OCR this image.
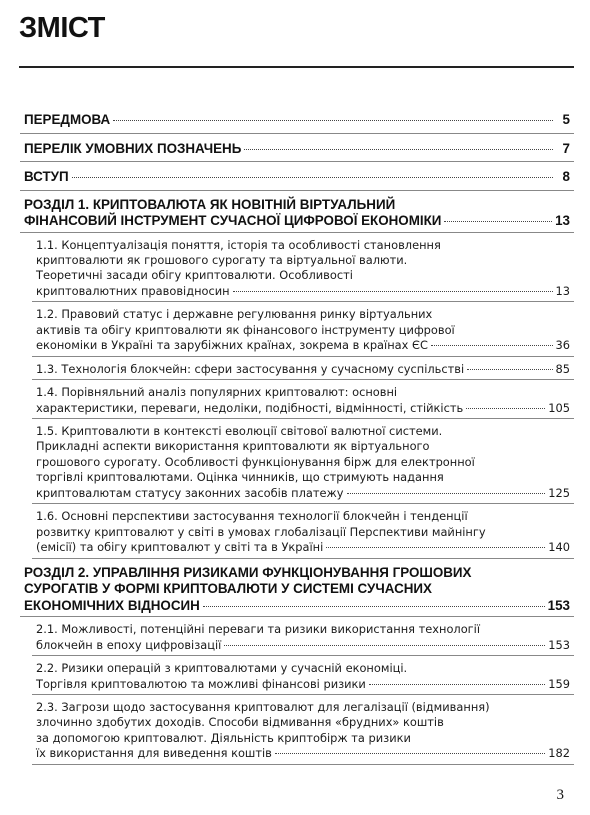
ЗМІСТ
ПЕРЕДМОВА	5
ПЕРЕЛІК УМОВНИХ ПОЗНАЧЕНЬ	7
ВСТУП	8
РОЗДІЛ 1. КРИПТОВАЛЮТА ЯК НОВІТНІЙ ВІРТУАЛЬНИЙ
ФІНАНСОВИЙ ІНСТРУМЕНТ СУЧАСНОЇ ЦИФРОВОЇ ЕКОНОМІКИ	13
1.1. Концептуалізація поняття, історія та особливості становлення
криптовалюти як грошового сурогату та віртуальної валюти.
Теоретичні засади обігу криптовалюти. Особливості
криптовалютних правовідносин	13
1.2. Правовий статус і державне регулювання ринку віртуальних
активів та обігу криптовалюти як фінансового інструменту цифрової
економіки в Україні та зарубіжних країнах, зокрема в країнах ЄС	36
1.3. Технологія блокчейн: сфери застосування у сучасному суспільстві	85
1.4. Порівняльний аналіз популярних криптовалют: основні
характеристики, переваги, недоліки, подібності, відмінності, стійкість	105
1.5. Криптовалюти в контексті еволюції світової валютної системи.
Прикладні аспекти використання криптовалюти як віртуального
грошового сурогату. Особливості функціонування бірж для електронної
торгівлі криптовалютами. Оцінка чинників, що стримують надання
криптовалютам статусу законних засобів платежу	125
1.6. Основні перспективи застосування технології блокчейн і тенденції
розвитку криптовалют у світі в умовах глобалізації Перспективи майнінгу
(емісії) та обігу криптовалют у світі та в Україні	140
РОЗДІЛ 2. УПРАВЛІННЯ РИЗИКАМИ ФУНКЦІОНУВАННЯ ГРОШОВИХ
СУРОГАТІВ У ФОРМІ КРИПТОВАЛЮТИ У СИСТЕМІ СУЧАСНИХ
ЕКОНОМІЧНИХ ВІДНОСИН	153
2.1. Можливості, потенційні переваги та ризики використання технології
блокчейн в епоху цифровізації	153
2.2. Ризики операцій з криптовалютами у сучасній економіці.
Торгівля криптовалютою та можливі фінансові ризики	159
2.3. Загрози щодо застосування криптовалют для легалізації (відмивання)
злочинно здобутих доходів. Способи відмивання «брудних» коштів
за допомогою криптовалют. Діяльність криптобірж та ризики
їх використання для виведення коштів	182
3
